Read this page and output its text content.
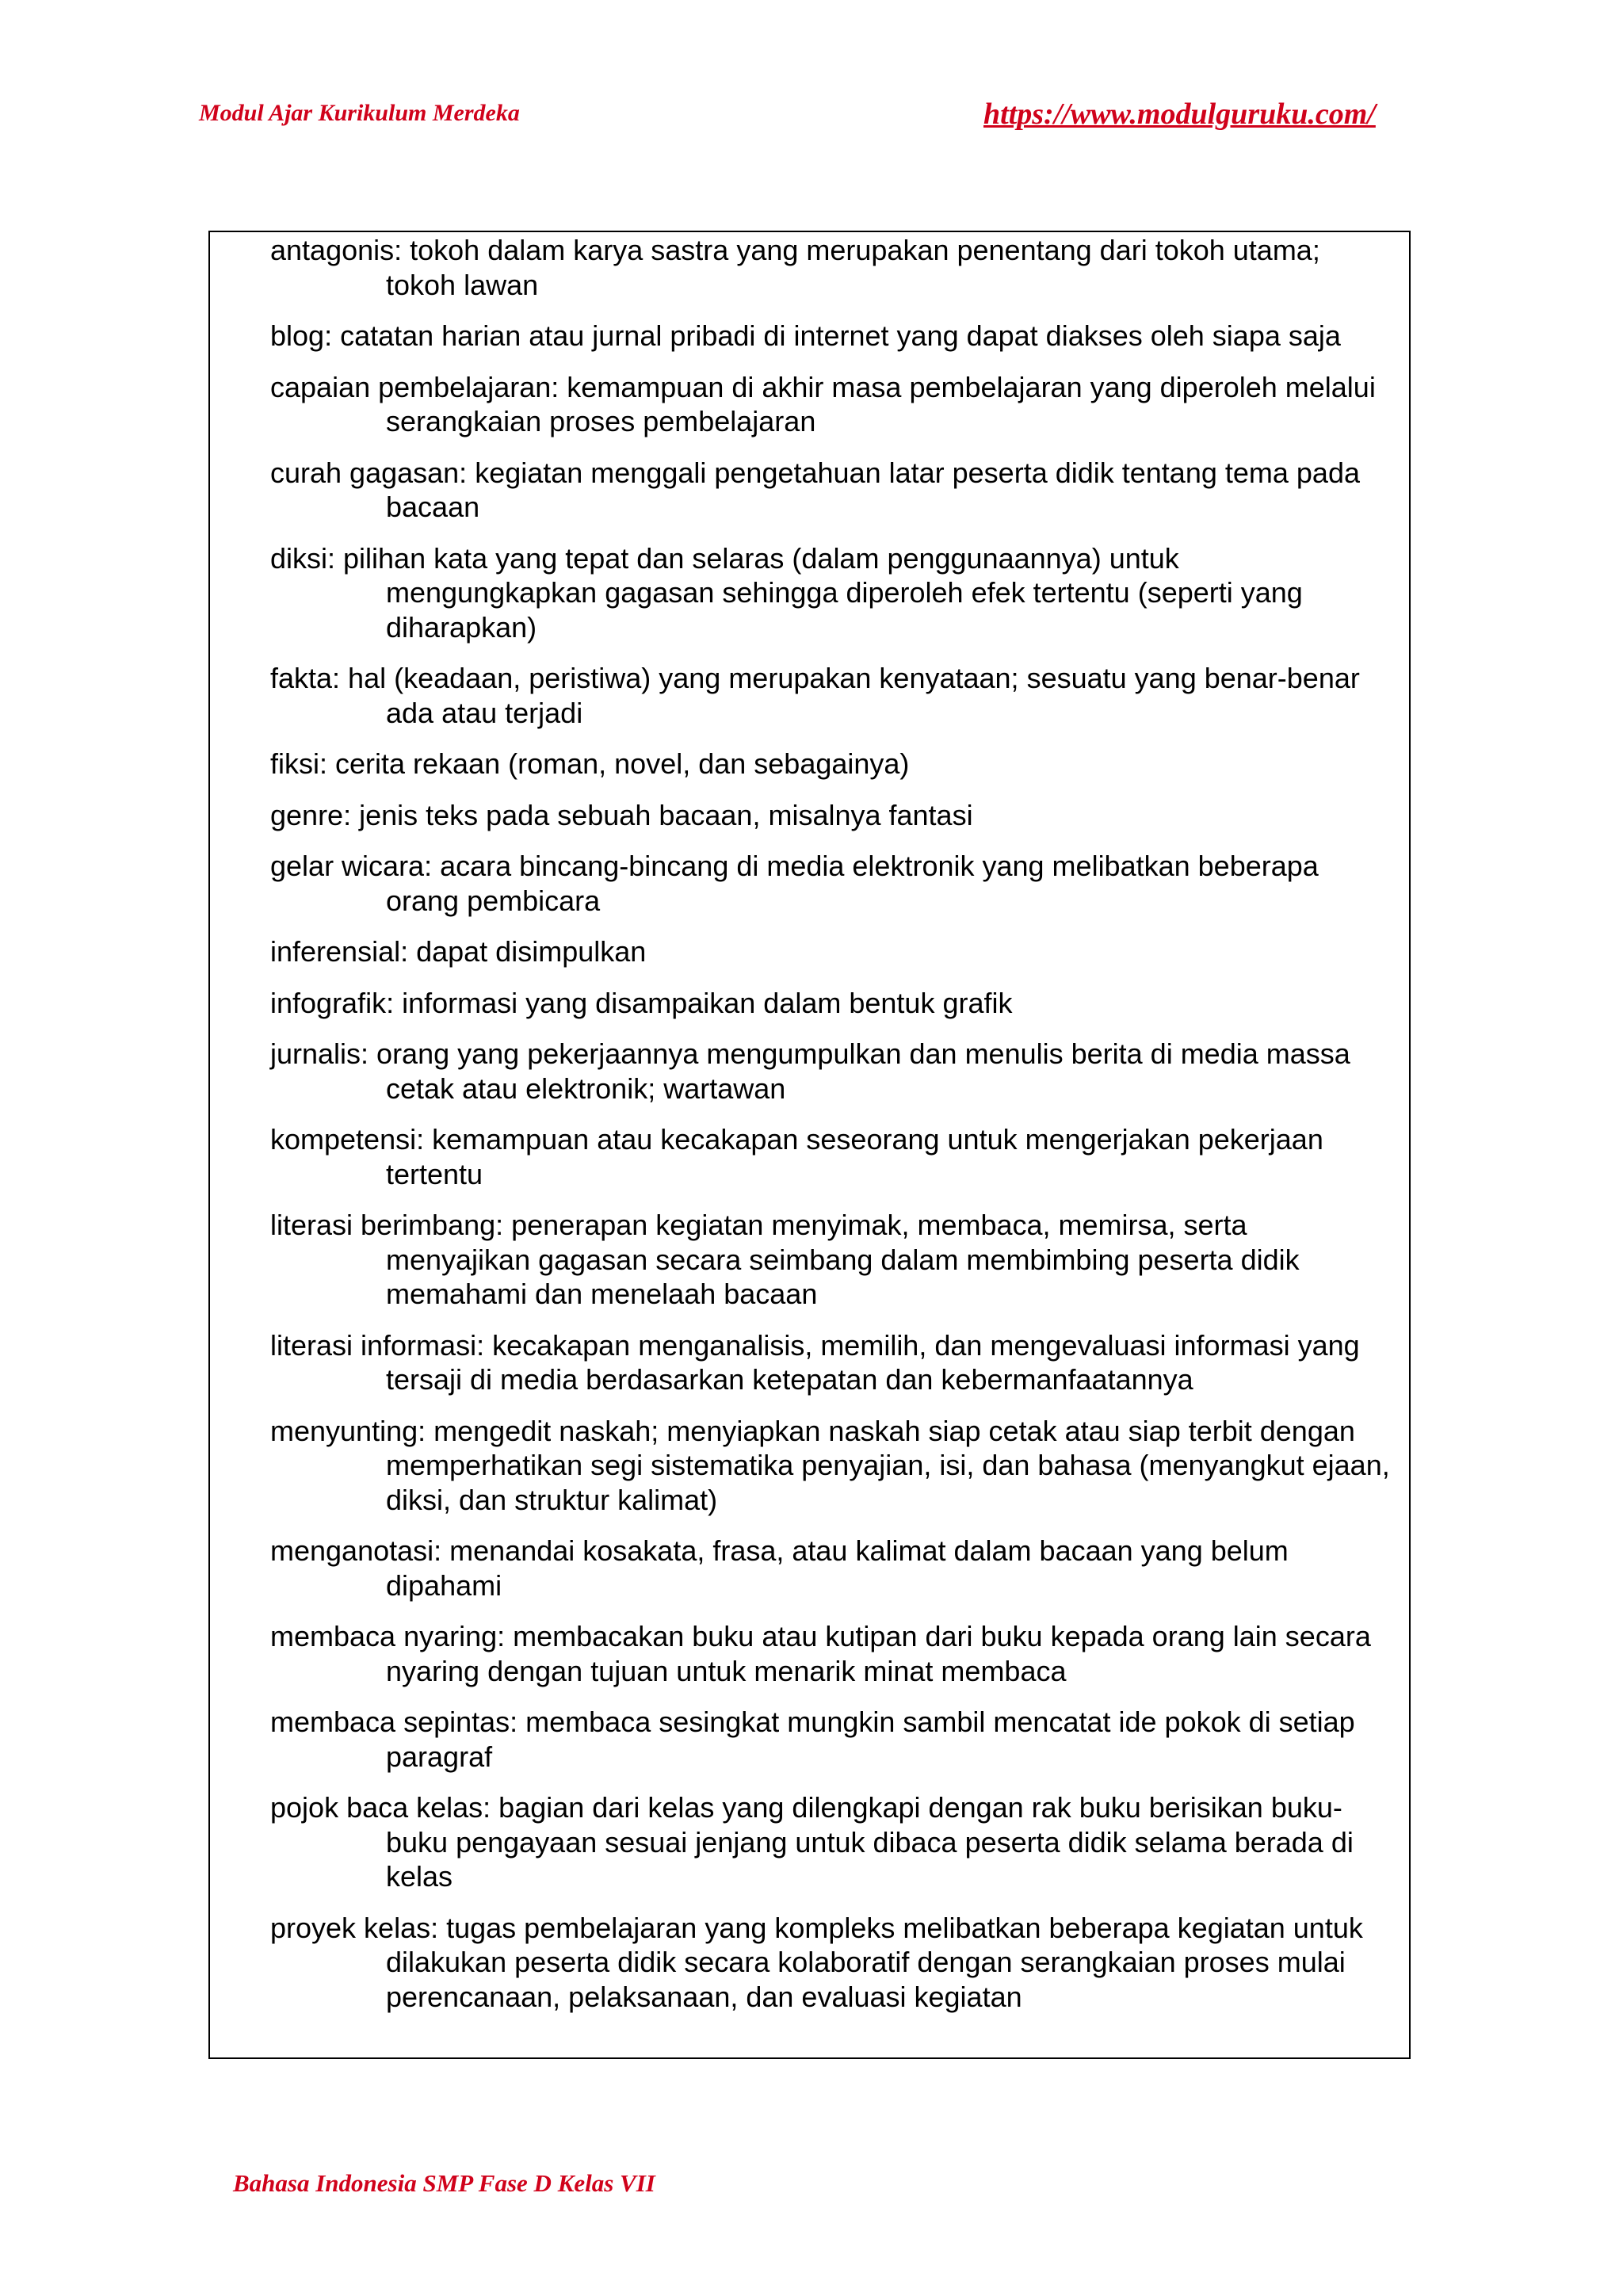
Modul Ajar Kurikulum Merdeka	https://www.modulguruku.com/
antagonis: tokoh dalam karya sastra yang merupakan penentang dari tokoh utama; tokoh lawan
blog: catatan harian atau jurnal pribadi di internet yang dapat diakses oleh siapa saja
capaian pembelajaran: kemampuan di akhir masa pembelajaran yang diperoleh melalui serangkaian proses pembelajaran
curah gagasan: kegiatan menggali pengetahuan latar peserta didik tentang tema pada bacaan
diksi: pilihan kata yang tepat dan selaras (dalam penggunaannya) untuk mengungkapkan gagasan sehingga diperoleh efek tertentu (seperti yang diharapkan)
fakta: hal (keadaan, peristiwa) yang merupakan kenyataan; sesuatu yang benar-benar ada atau terjadi
fiksi: cerita rekaan (roman, novel, dan sebagainya)
genre: jenis teks pada sebuah bacaan, misalnya fantasi
gelar wicara: acara bincang-bincang di media elektronik yang melibatkan beberapa orang pembicara
inferensial: dapat disimpulkan
infografik: informasi yang disampaikan dalam bentuk grafik
jurnalis: orang yang pekerjaannya mengumpulkan dan menulis berita di media massa cetak atau elektronik; wartawan
kompetensi: kemampuan atau kecakapan seseorang untuk mengerjakan pekerjaan tertentu
literasi berimbang: penerapan kegiatan menyimak, membaca, memirsa, serta menyajikan gagasan secara seimbang dalam membimbing peserta didik memahami dan menelaah bacaan
literasi informasi: kecakapan menganalisis, memilih, dan mengevaluasi informasi yang tersaji di media berdasarkan ketepatan dan kebermanfaatannya
menyunting: mengedit naskah; menyiapkan naskah siap cetak atau siap terbit dengan memperhatikan segi sistematika penyajian, isi, dan bahasa (menyangkut ejaan, diksi, dan struktur kalimat)
menganotasi: menandai kosakata, frasa, atau kalimat dalam bacaan yang belum dipahami
membaca nyaring: membacakan buku atau kutipan dari buku kepada orang lain secara nyaring dengan tujuan untuk menarik minat membaca
membaca sepintas: membaca sesingkat mungkin sambil mencatat ide pokok di setiap paragraf
pojok baca kelas: bagian dari kelas yang dilengkapi dengan rak buku berisikan buku-buku pengayaan sesuai jenjang untuk dibaca peserta didik selama berada di kelas
proyek kelas: tugas pembelajaran yang kompleks melibatkan beberapa kegiatan untuk dilakukan peserta didik secara kolaboratif dengan serangkaian proses mulai perencanaan, pelaksanaan, dan evaluasi kegiatan
Bahasa Indonesia SMP Fase D Kelas VII
